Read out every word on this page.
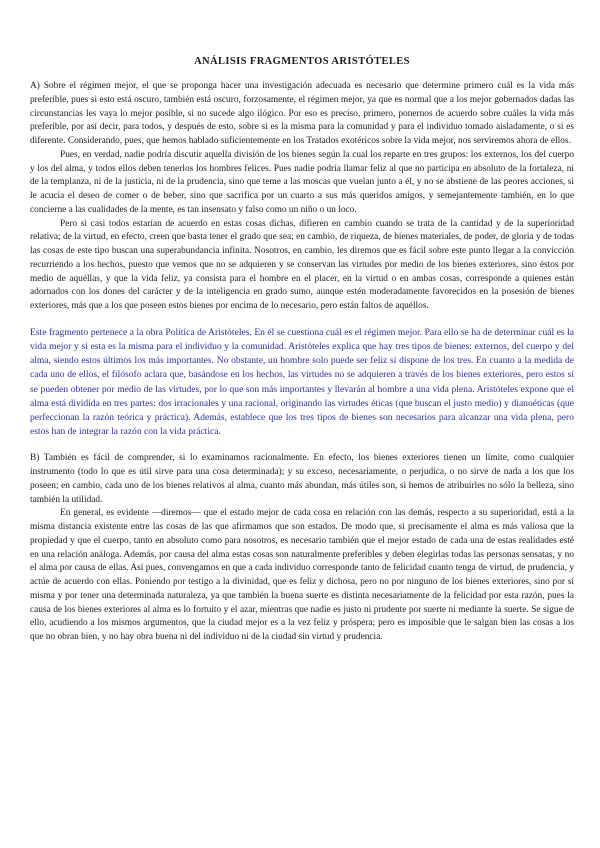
ANÁLISIS FRAGMENTOS ARISTÓTELES

A) Sobre el régimen mejor, el que se proponga hacer una investigación adecuada es necesario que determine primero cuál es la vida más preferible, pues si esto está oscuro, también está oscuro, forzosamente, el régimen mejor, ya que es normal que a los mejor gobernados dadas las circunstancias les vaya lo mejor posible, si no sucede algo ilógico. Por eso es preciso, primero, ponernos de acuerdo sobre cuáles la vida más preferible, por así decir, para todos, y después de esto, sobre si es la misma para la comunidad y para el individuo tomado aisladamente, o si es diferente. Considerando, pues, que hemos hablado suficientemente en los Tratados exotéricos sobre la vida mejor, nos serviremos ahora de ellos.

Pues, en verdad, nadie podría discutir aquella división de los bienes según la cual los reparte en tres grupos: los externos, los del cuerpo y los del alma, y todos ellos deben tenerlos los hombres felices. Pues nadie podría llamar feliz al que no participa en absoluto de la fortaleza, ni de la templanza, ni de la justicia, ni de la prudencia, sino que teme a las moscas que vuelan junto a él, y no se abstiene de las peores acciones, si le acucia el deseo de comer o de beber, sino que sacrifica por un cuarto a sus más queridos amigos, y semejantemente también, en lo que concierne a las cualidades de la mente, es tan insensato y falso como un niño o un loco.

Pero si casi todos estarían de acuerdo en estas cosas dichas, difieren en cambio cuando se trata de la cantidad y de la superioridad relativa; de la virtud, en efecto, creen que basta tener el grado que sea; en cambio, de riqueza, de bienes materiales, de poder, de gloria y de todas las cosas de este tipo buscan una superabundancia infinita. Nosotros, en cambio, les diremos que es fácil sobre este punto llegar a la convicción recurriendo a los hechos, puesto que vemos que no se adquieren y se conservan las virtudes por medio de los bienes exteriores, sino éstos por medio de aquéllas, y que la vida feliz, ya consista para el hombre en el placer, en la virtud o en ambas cosas, corresponde a quienes están adornados con los dones del carácter y de la inteligencia en grado sumo, aunque estén moderadamente favorecidos en la posesión de bienes exteriores, más que a los que poseen estos bienes por encima de lo necesario, pero están faltos de aquéllos.

Este fragmento pertenece a la obra Política de Aristóteles. En él se cuestiona cuál es el régimen mejor. Para ello se ha de determinar cuál es la vida mejor y si esta es la misma para el individuo y la comunidad. Aristóteles explica que hay tres tipos de bienes: externos, del cuerpo y del alma, siendo estos últimos los más importantes. No obstante, un hombre solo puede ser feliz si dispone de los tres. En cuanto a la medida de cada uno de ellos, el filósofo aclara que, basándose en los hechos, las virtudes no se adquieren a través de los bienes exteriores, pero estos sí se pueden obtener por medio de las virtudes, por lo que son más importantes y llevarán al hombre a una vida plena. Aristóteles expone que el alma está dividida en tres partes: dos irracionales y una racional, originando las virtudes éticas (que buscan el justo medio) y dianoéticas (que perfeccionan la razón teórica y práctica). Además, establece que los tres tipos de bienes son necesarios para alcanzar una vida plena, pero estos han de integrar la razón con la vida práctica.

B) También es fácil de comprender, si lo examinamos racionalmente. En efecto, los bienes exteriores tienen un límite, como cualquier instrumento (todo lo que es útil sirve para una cosa determinada); y su exceso, necesariamente, o perjudica, o no sirve de nada a los que los poseen; en cambio, cada uno de los bienes relativos al alma, cuanto más abundan, más útiles son, si hemos de atribuirles no sólo la belleza, sino también la utilidad.

En general, es evidente —diremos— que el estado mejor de cada cosa en relación con las demás, respecto a su superioridad, está a la misma distancia existente entre las cosas de las que afirmamos que son estados. De modo que, si precisamente el alma es más valiosa que la propiedad y que el cuerpo, tanto en absoluto como para nosotros, es necesario también que el mejor estado de cada una de estas realidades esté en una relación análoga. Además, por causa del alma estas cosas son naturalmente preferibles y deben elegirlas todas las personas sensatas, y no el alma por causa de ellas. Así pues, convengamos en que a cada individuo corresponde tanto de felicidad cuanto tenga de virtud, de prudencia, y actúe de acuerdo con ellas. Poniendo por testigo a la divinidad, que es feliz y dichosa, pero no por ninguno de los bienes exteriores, sino por sí misma y por tener una determinada naturaleza, ya que también la buena suerte es distinta necesariamente de la felicidad por esta razón, pues la causa de los bienes exteriores al alma es lo fortuito y el azar, mientras que nadie es justo ni prudente por suerte ni mediante la suerte. Se sigue de ello, acudiendo a los mismos argumentos, que la ciudad mejor es a la vez feliz y próspera; pero es imposible que le salgan bien las cosas a los que no obran bien, y no hay obra buena ni del individuo ni de la ciudad sin virtud y prudencia.
